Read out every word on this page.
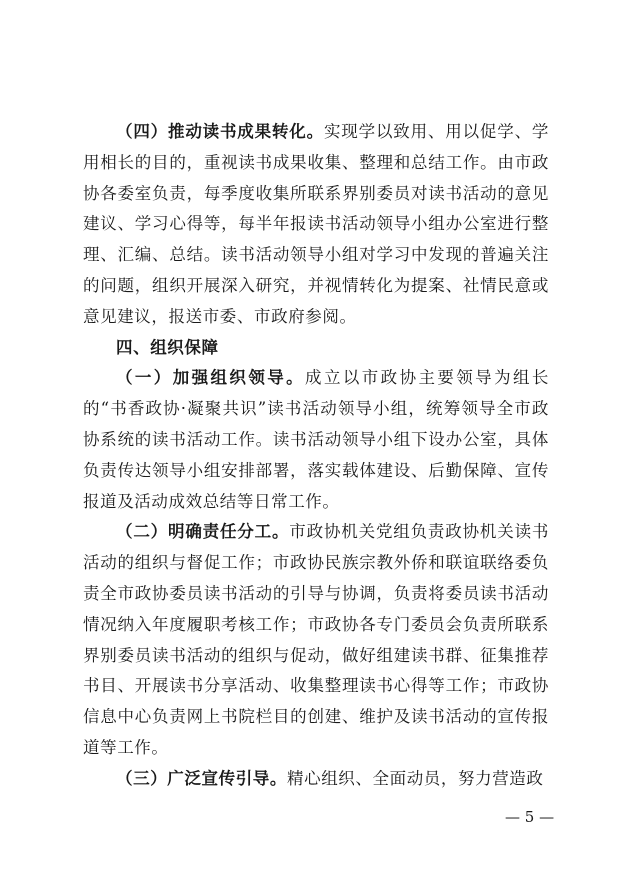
（四）推动读书成果转化。实现学以致用、用以促学、学用相长的目的，重视读书成果收集、整理和总结工作。由市政协各委室负责，每季度收集所联系界别委员对读书活动的意见建议、学习心得等，每半年报读书活动领导小组办公室进行整理、汇编、总结。读书活动领导小组对学习中发现的普遍关注的问题，组织开展深入研究，并视情转化为提案、社情民意或意见建议，报送市委、市政府参阅。

四、组织保障

（一）加强组织领导。成立以市政协主要领导为组长的“书香政协·凝聚共识”读书活动领导小组，统筹领导全市政协系统的读书活动工作。读书活动领导小组下设办公室，具体负责传达领导小组安排部署，落实载体建设、后勤保障、宣传报道及活动成效总结等日常工作。

（二）明确责任分工。市政协机关党组负责政协机关读书活动的组织与督促工作；市政协民族宗教外侨和联谊联络委负责全市政协委员读书活动的引导与协调，负责将委员读书活动情况纳入年度履职考核工作；市政协各专门委员会负责所联系界别委员读书活动的组织与促动，做好组建读书群、征集推荐书目、开展读书分享活动、收集整理读书心得等工作；市政协信息中心负责网上书院栏目的创建、维护及读书活动的宣传报道等工作。

（三）广泛宣传引导。精心组织、全面动员，努力营造政

— 5 —
